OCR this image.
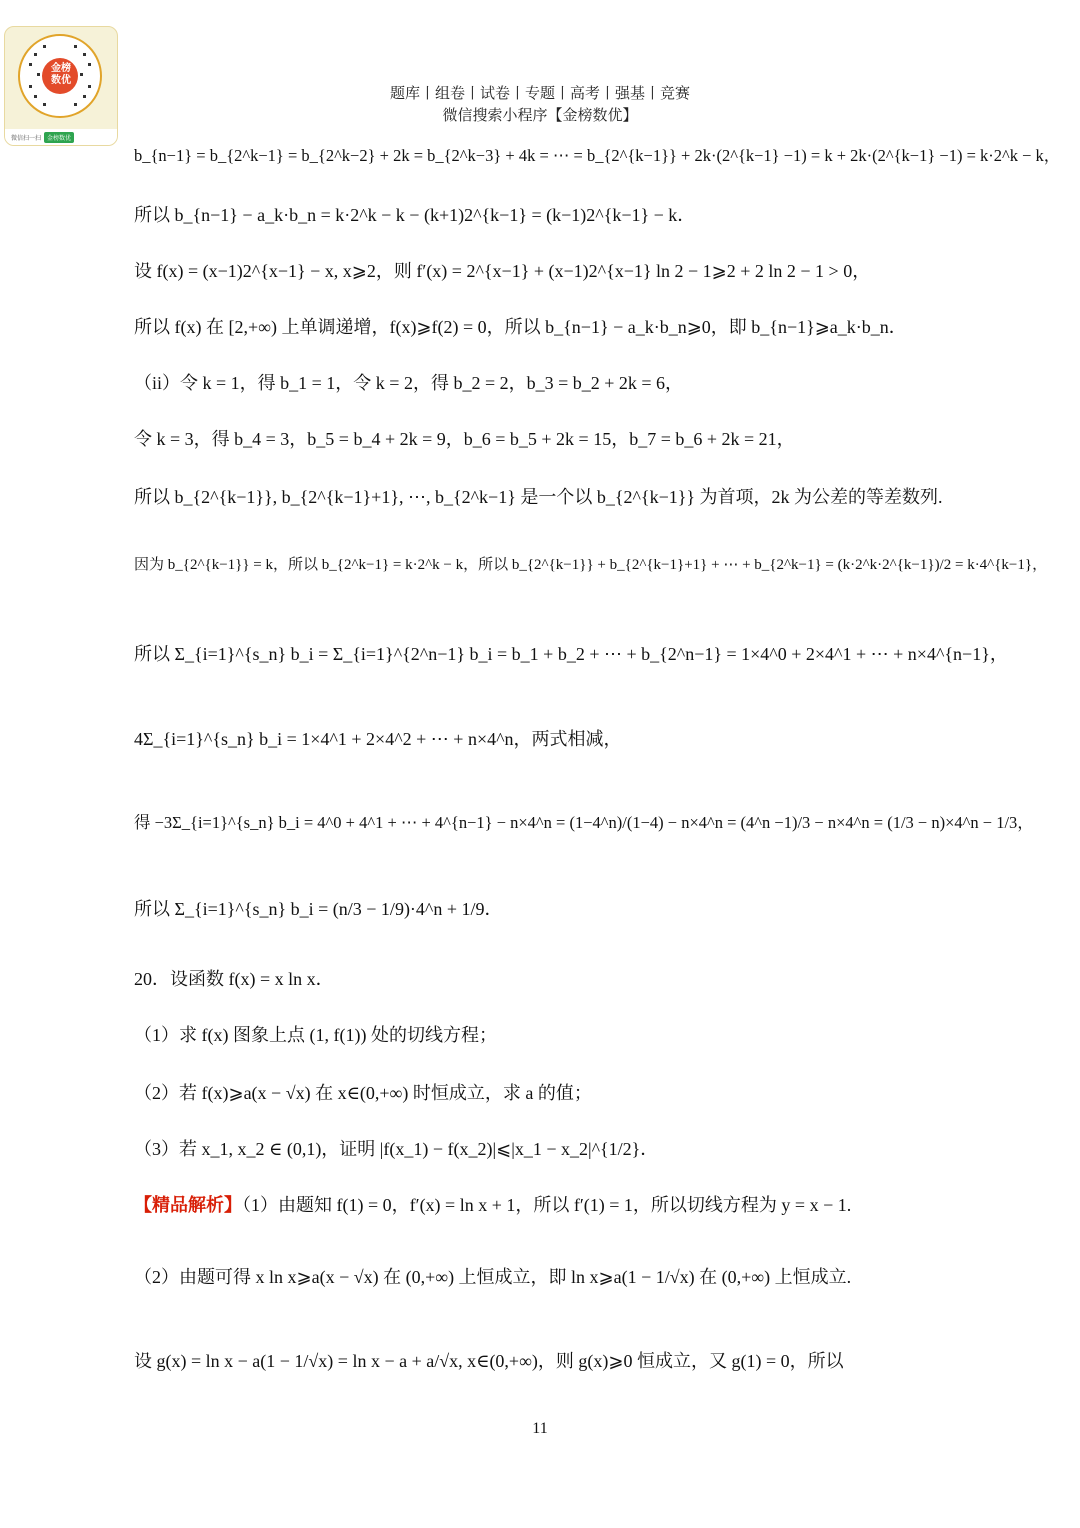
金榜数优
微信扫一扫	金榜数优
题库丨组卷丨试卷丨专题丨高考丨强基丨竞赛
微信搜索小程序【金榜数优】
b_{n−1} = b_{2^k−1} = b_{2^k−2} + 2k = b_{2^k−3} + 4k = ⋯ = b_{2^{k−1}} + 2k·(2^{k−1} −1) = k + 2k·(2^{k−1} −1) = k·2^k − k，
所以 b_{n−1} − a_k·b_n = k·2^k − k − (k+1)2^{k−1} = (k−1)2^{k−1} − k．
设 f(x) = (x−1)2^{x−1} − x, x⩾2，则 f′(x) = 2^{x−1} + (x−1)2^{x−1} ln 2 − 1⩾2 + 2 ln 2 − 1 > 0，
所以 f(x) 在 [2,+∞) 上单调递增，f(x)⩾f(2) = 0，所以 b_{n−1} − a_k·b_n⩾0，即 b_{n−1}⩾a_k·b_n．
（ii）令 k = 1，得 b_1 = 1，令 k = 2，得 b_2 = 2，b_3 = b_2 + 2k = 6，
令 k = 3，得 b_4 = 3，b_5 = b_4 + 2k = 9，b_6 = b_5 + 2k = 15，b_7 = b_6 + 2k = 21，
所以 b_{2^{k−1}}, b_{2^{k−1}+1}, ⋯, b_{2^k−1} 是一个以 b_{2^{k−1}} 为首项，2k 为公差的等差数列.
因为 b_{2^{k−1}} = k，所以 b_{2^k−1} = k·2^k − k，所以 b_{2^{k−1}} + b_{2^{k−1}+1} + ⋯ + b_{2^k−1} = (k·2^k·2^{k−1})/2 = k·4^{k−1}，
所以 Σ_{i=1}^{s_n} b_i = Σ_{i=1}^{2^n−1} b_i = b_1 + b_2 + ⋯ + b_{2^n−1} = 1×4^0 + 2×4^1 + ⋯ + n×4^{n−1}，
4Σ_{i=1}^{s_n} b_i = 1×4^1 + 2×4^2 + ⋯ + n×4^n，两式相减，
得 −3Σ_{i=1}^{s_n} b_i = 4^0 + 4^1 + ⋯ + 4^{n−1} − n×4^n = (1−4^n)/(1−4) − n×4^n = (4^n −1)/3 − n×4^n = (1/3 − n)×4^n − 1/3，
所以 Σ_{i=1}^{s_n} b_i = (n/3 − 1/9)·4^n + 1/9．
20．设函数 f(x) = x ln x．
（1）求 f(x) 图象上点 (1, f(1)) 处的切线方程；
（2）若 f(x)⩾a(x − √x) 在 x∈(0,+∞) 时恒成立，求 a 的值；
（3）若 x_1, x_2 ∈ (0,1)，证明 |f(x_1) − f(x_2)|⩽|x_1 − x_2|^{1/2}．
【精品解析】（1）由题知 f(1) = 0，f′(x) = ln x + 1，所以 f′(1) = 1，所以切线方程为 y = x − 1.
（2）由题可得 x ln x⩾a(x − √x) 在 (0,+∞) 上恒成立，即 ln x⩾a(1 − 1/√x) 在 (0,+∞) 上恒成立.
设 g(x) = ln x − a(1 − 1/√x) = ln x − a + a/√x, x∈(0,+∞)，则 g(x)⩾0 恒成立，又 g(1) = 0，所以
11
